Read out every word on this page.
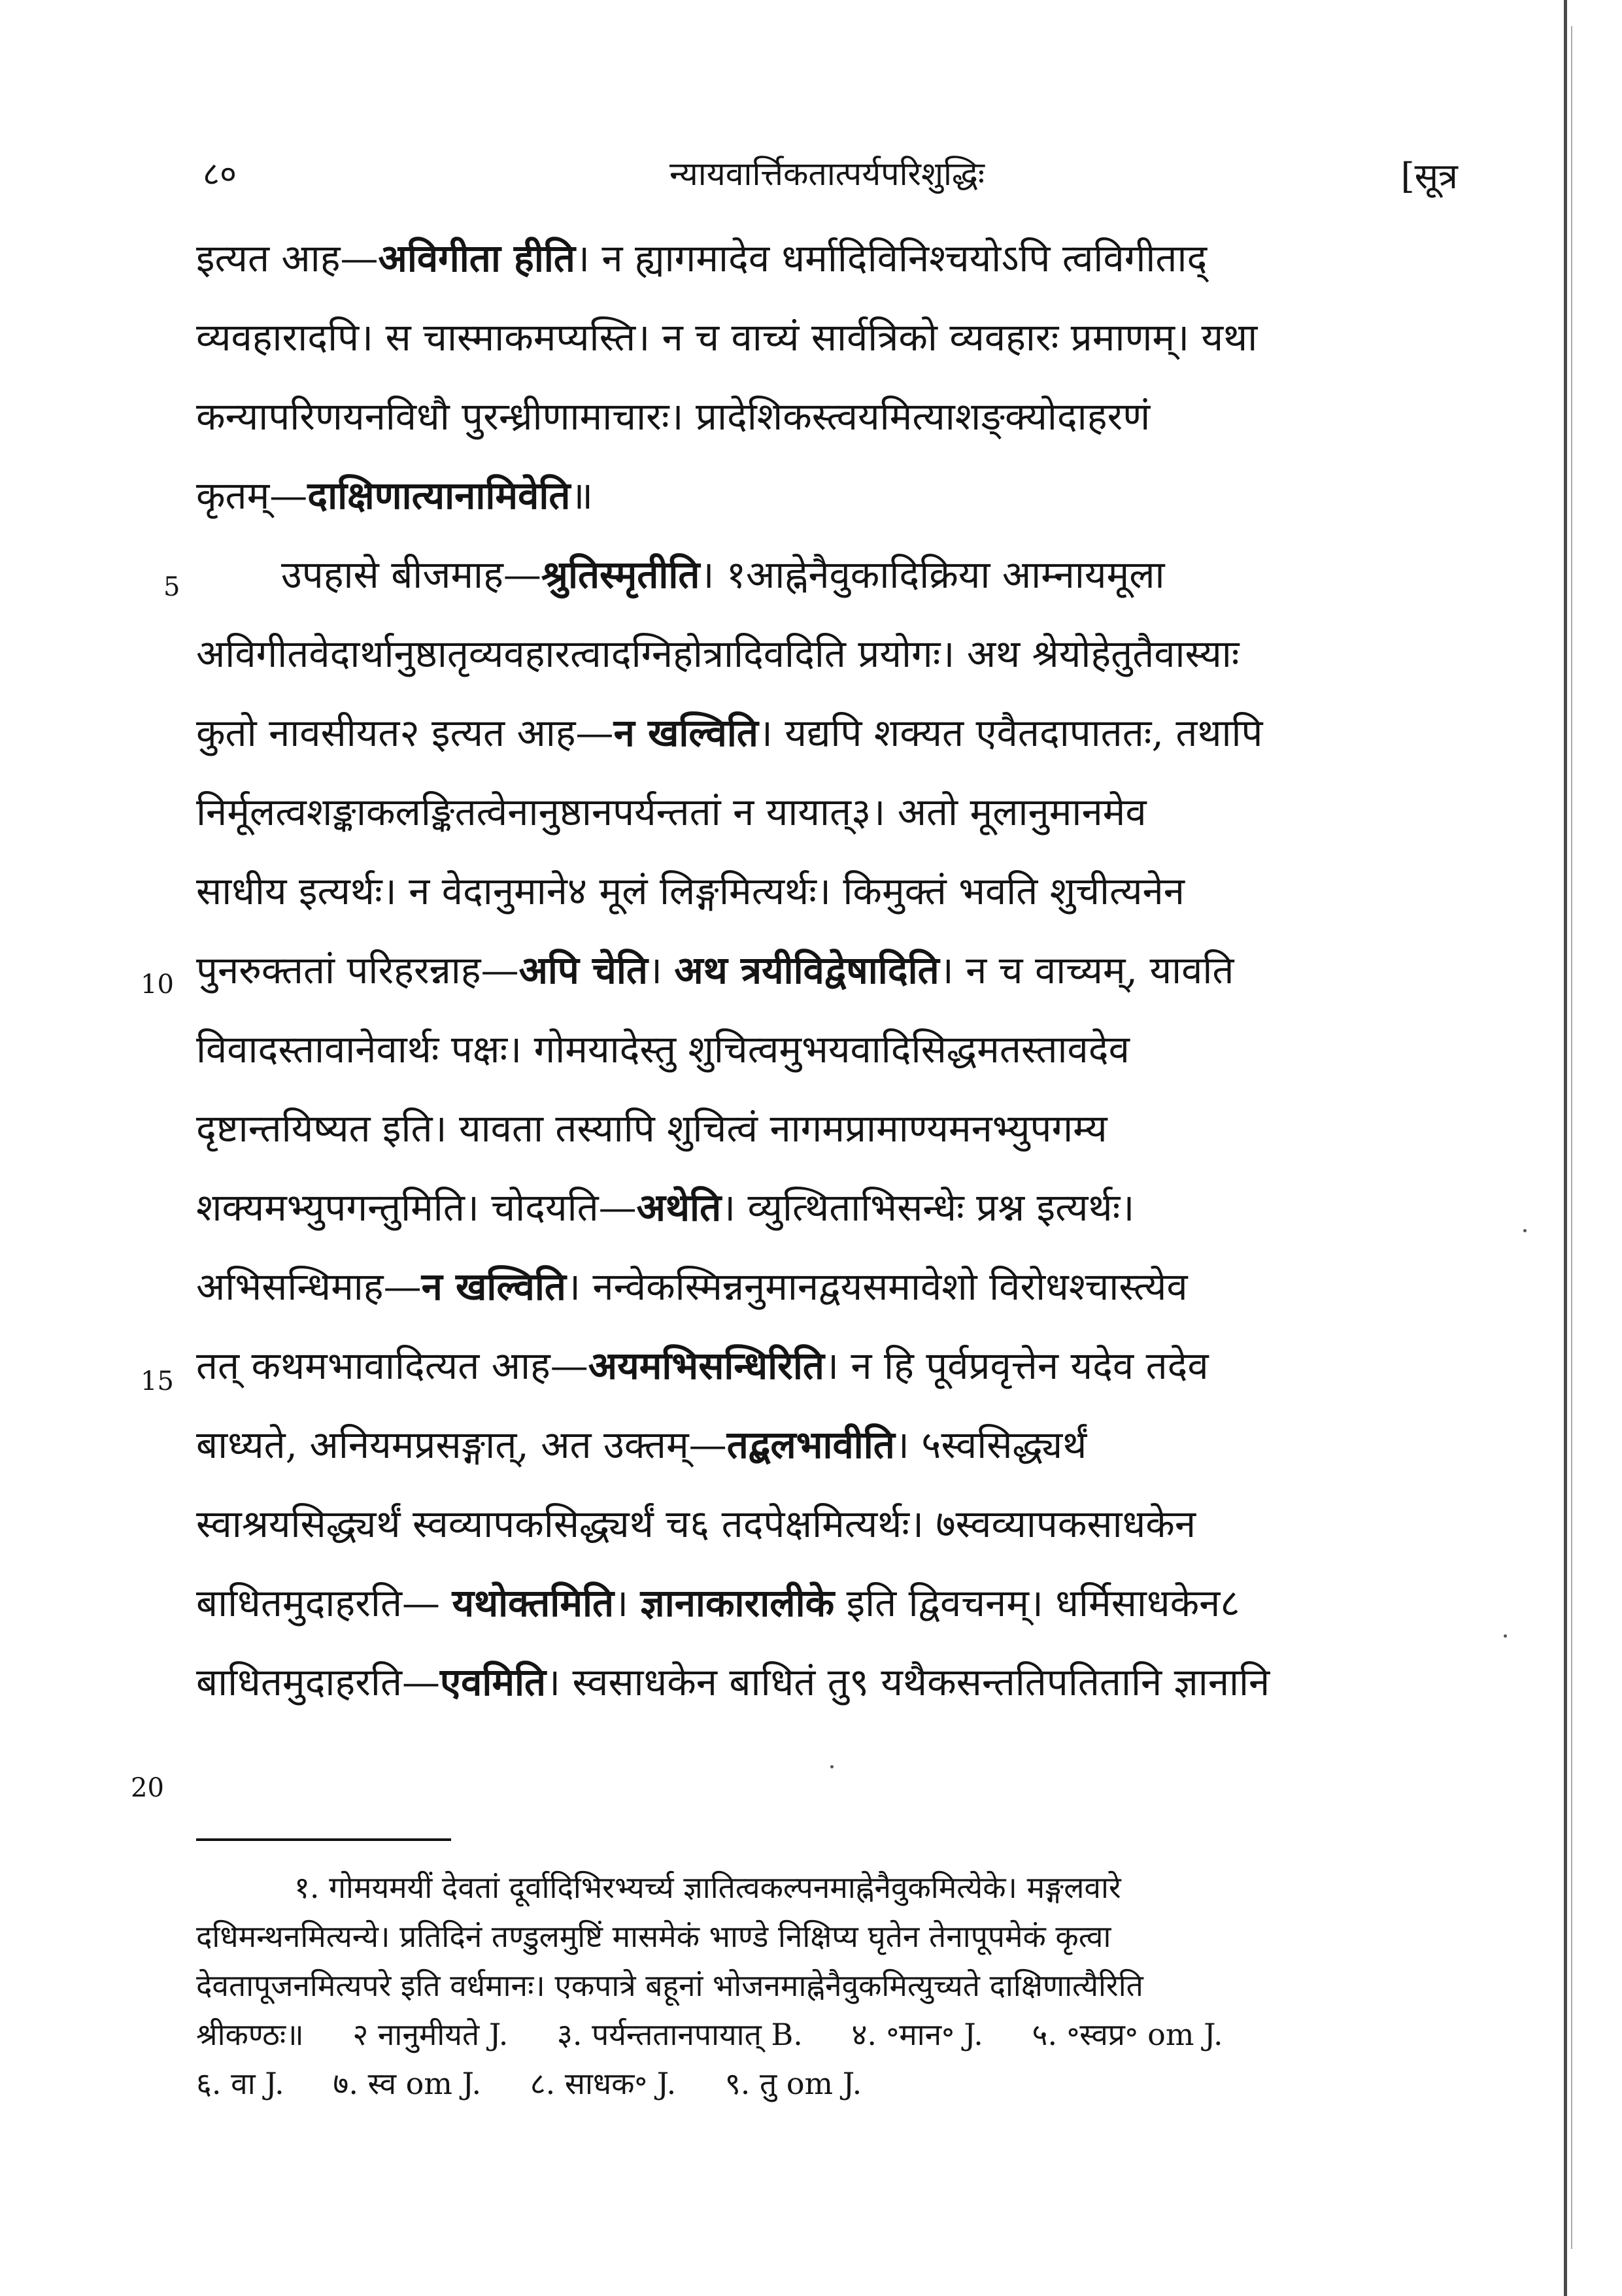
८०	न्यायवार्त्तिकतात्पर्यपरिशुद्धिः	[सूत्र
इत्यत आह—अविगीता हीति। न ह्यागमादेव धर्मादिविनिश्चयोऽपि त्वविगीताद्
व्यवहारादपि। स चास्माकमप्यस्ति। न च वाच्यं सार्वत्रिको व्यवहारः प्रमाणम्। यथा
कन्यापरिणयनविधौ पुरन्ध्रीणामाचारः। प्रादेशिकस्त्वयमित्याशङ्क्योदाहरणं
कृतम्—दाक्षिणात्यानामिवेति॥
उपहासे बीजमाह—श्रुतिस्मृतीति। १आह्नेनैवुकादिक्रिया आम्नायमूला
अविगीतवेदार्थानुष्ठातृव्यवहारत्वादग्निहोत्रादिवदिति प्रयोगः। अथ श्रेयोहेतुतैवास्याः
कुतो नावसीयत२ इत्यत आह—न खल्विति। यद्यपि शक्यत एवैतदापाततः, तथापि
निर्मूलत्वशङ्काकलङ्कितत्वेनानुष्ठानपर्यन्ततां न यायात्३। अतो मूलानुमानमेव
साधीय इत्यर्थः। न वेदानुमाने४ मूलं लिङ्गमित्यर्थः। किमुक्तं भवति शुचीत्यनेन
पुनरुक्ततां परिहरन्नाह—अपि चेति। अथ त्रयीविद्वेषादिति। न च वाच्यम्, यावति
विवादस्तावानेवार्थः पक्षः। गोमयादेस्तु शुचित्वमुभयवादिसिद्धमतस्तावदेव
दृष्टान्तयिष्यत इति। यावता तस्यापि शुचित्वं नागमप्रामाण्यमनभ्युपगम्य
शक्यमभ्युपगन्तुमिति। चोदयति—अथेति। व्युत्थिताभिसन्धेः प्रश्न इत्यर्थः।
अभिसन्धिमाह—न खल्विति। नन्वेकस्मिन्ननुमानद्वयसमावेशो विरोधश्चास्त्येव
तत् कथमभावादित्यत आह—अयमभिसन्धिरिति। न हि पूर्वप्रवृत्तेन यदेव तदेव
बाध्यते, अनियमप्रसङ्गात्, अत उक्तम्—तद्बलभावीति। ५स्वसिद्ध्यर्थं
स्वाश्रयसिद्ध्यर्थं स्वव्यापकसिद्ध्यर्थं च६ तदपेक्षमित्यर्थः। ७स्वव्यापकसाधकेन
बाधितमुदाहरति— यथोक्तमिति। ज्ञानाकारालीके इति द्विवचनम्। धर्मिसाधकेन८
बाधितमुदाहरति—एवमिति। स्वसाधकेन बाधितं तु९ यथैकसन्ततिपतितानि ज्ञानानि
5
10
15
20
१. गोमयमयीं देवतां दूर्वादिभिरभ्यर्च्य ज्ञातित्वकल्पनमाह्नेनैवुकमित्येके। मङ्गलवारे
दधिमन्थनमित्यन्ये। प्रतिदिनं तण्डुलमुष्टिं मासमेकं भाण्डे निक्षिप्य घृतेन तेनापूपमेकं कृत्वा
देवतापूजनमित्यपरे इति वर्धमानः। एकपात्रे बहूनां भोजनमाह्नेनैवुकमित्युच्यते दाक्षिणात्यैरिति
श्रीकण्ठः॥ २ नानुमीयते J. ३. पर्यन्ततानपायात् B. ४. ॰मान॰ J. ५. ॰स्वप्र॰ om J.
६. वा J. ७. स्व om J. ८. साधक॰ J. ९. तु om J.
